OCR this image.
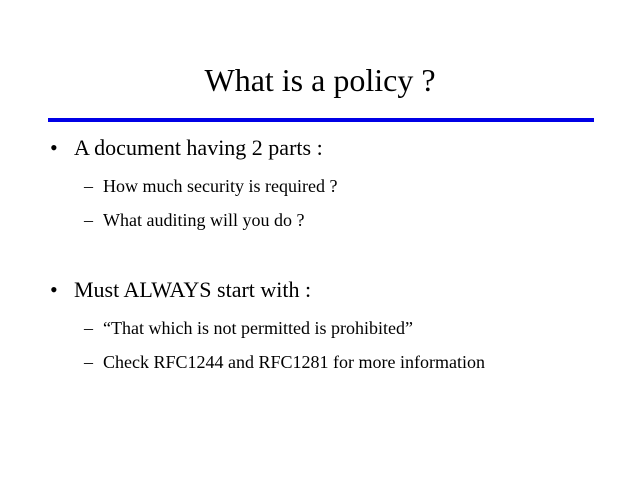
What is a policy ?
• A document having 2 parts :
– How much security is required ?
– What auditing will you do ?
• Must ALWAYS start with :
– “That which is not permitted is prohibited”
– Check RFC1244 and RFC1281 for more information
